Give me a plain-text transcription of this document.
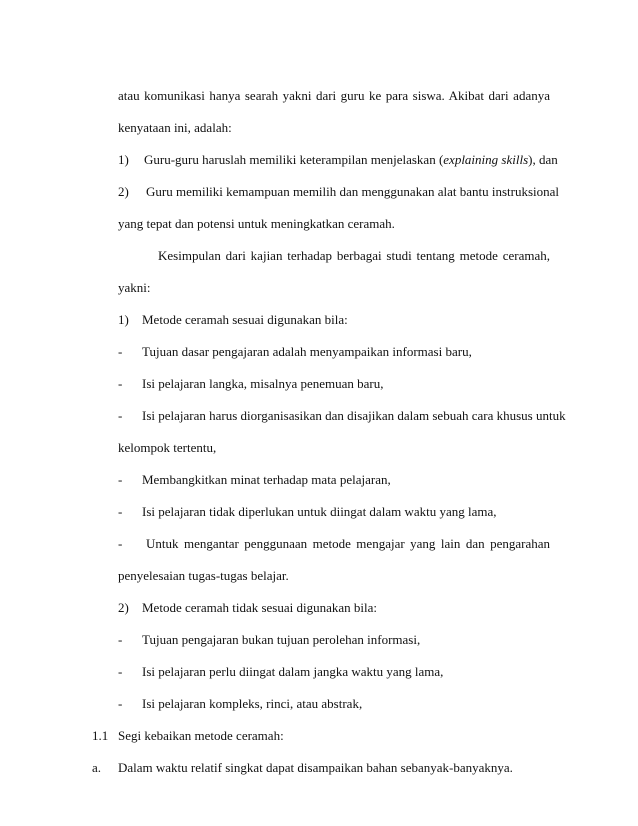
atau komunikasi hanya searah yakni dari guru ke para siswa. Akibat dari adanya
kenyataan ini, adalah:
1) Guru-guru haruslah memiliki keterampilan menjelaskan (explaining skills), dan
2) Guru memiliki kemampuan memilih dan menggunakan alat bantu instruksional
yang tepat dan potensi untuk meningkatkan ceramah.
Kesimpulan dari kajian terhadap berbagai studi tentang metode ceramah,
yakni:
1) Metode ceramah sesuai digunakan bila:
- Tujuan dasar pengajaran adalah menyampaikan informasi baru,
- Isi pelajaran langka, misalnya penemuan baru,
- Isi pelajaran harus diorganisasikan dan disajikan dalam sebuah cara khusus untuk
kelompok tertentu,
- Membangkitkan minat terhadap mata pelajaran,
- Isi pelajaran tidak diperlukan untuk diingat dalam waktu yang lama,
- Untuk mengantar penggunaan metode mengajar yang lain dan pengarahan
penyelesaian tugas-tugas belajar.
2) Metode ceramah tidak sesuai digunakan bila:
- Tujuan pengajaran bukan tujuan perolehan informasi,
- Isi pelajaran perlu diingat dalam jangka waktu yang lama,
- Isi pelajaran kompleks, rinci, atau abstrak,
1.1 Segi kebaikan metode ceramah:
a. Dalam waktu relatif singkat dapat disampaikan bahan sebanyak-banyaknya.
